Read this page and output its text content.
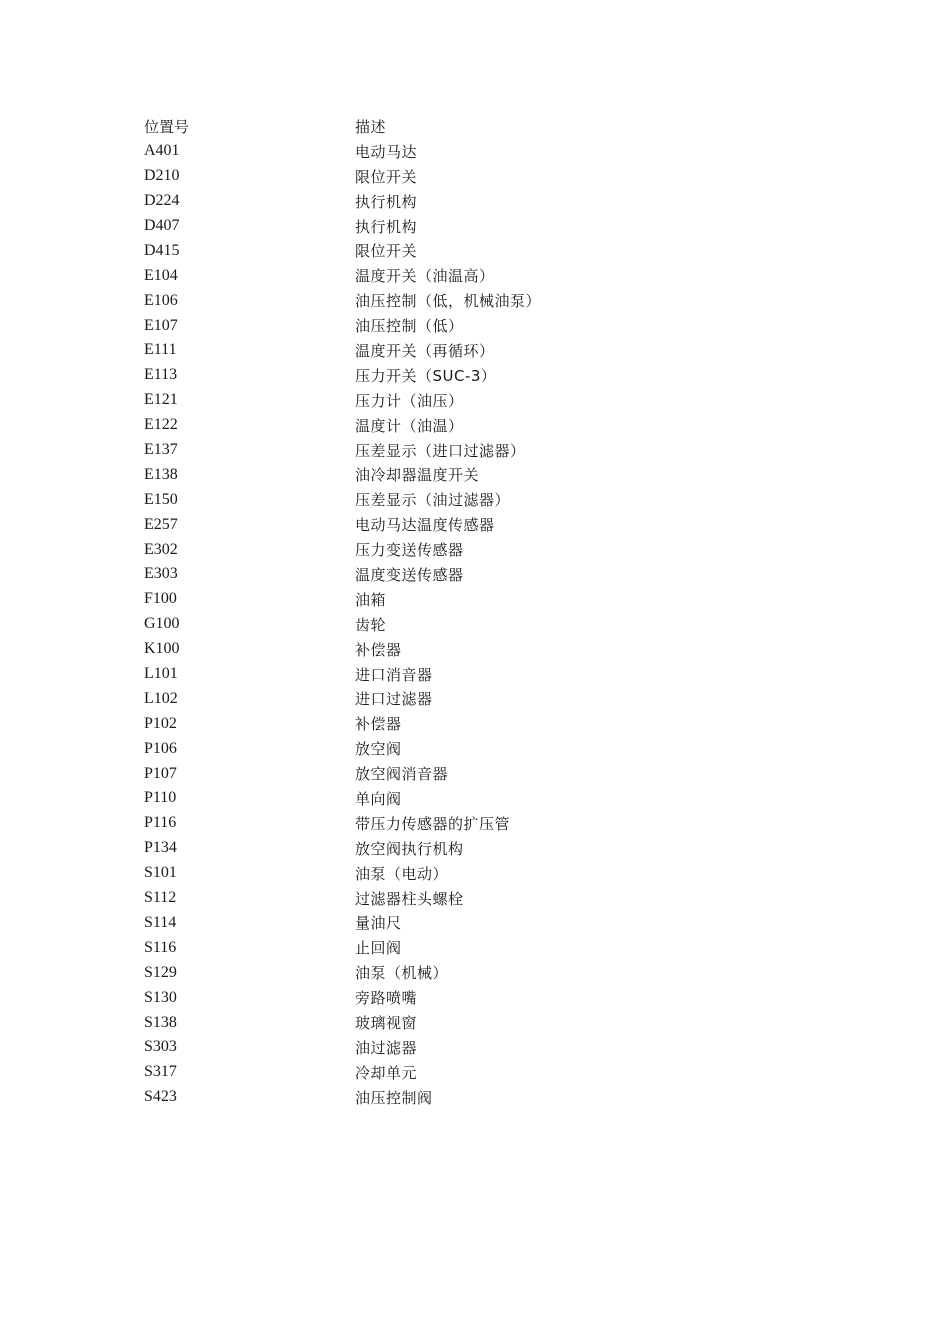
位置号	描述
A401	电动马达
D210	限位开关
D224	执行机构
D407	执行机构
D415	限位开关
E104	温度开关（油温高）
E106	油压控制（低，机械油泵）
E107	油压控制（低）
E111	温度开关（再循环）
E113	压力开关（SUC-3）
E121	压力计（油压）
E122	温度计（油温）
E137	压差显示（进口过滤器）
E138	油冷却器温度开关
E150	压差显示（油过滤器）
E257	电动马达温度传感器
E302	压力变送传感器
E303	温度变送传感器
F100	油箱
G100	齿轮
K100	补偿器
L101	进口消音器
L102	进口过滤器
P102	补偿器
P106	放空阀
P107	放空阀消音器
P110	单向阀
P116	带压力传感器的扩压管
P134	放空阀执行机构
S101	油泵（电动）
S112	过滤器柱头螺栓
S114	量油尺
S116	止回阀
S129	油泵（机械）
S130	旁路喷嘴
S138	玻璃视窗
S303	油过滤器
S317	冷却单元
S423	油压控制阀
